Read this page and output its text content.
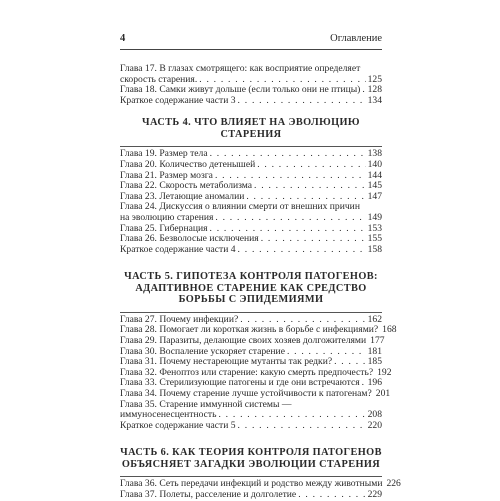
4	Оглавление
Глава 17. В глазах смотрящего: как восприятие определяет
скорость старения. . . .	125
Глава 18. Самки живут дольше (если только они не птицы) . . . 128
Краткое содержание части 3 . . .	134
ЧАСТЬ 4. ЧТО ВЛИЯЕТ НА ЭВОЛЮЦИЮ СТАРЕНИЯ
Глава 19. Размер тела . . .	138
Глава 20. Количество детенышей . . .	140
Глава 21. Размер мозга . . .	144
Глава 22. Скорость метаболизма . . .	145
Глава 23. Летающие аномалии . . .	147
Глава 24. Дискуссия о влиянии смерти от внешних причин
на эволюцию старения . . .	149
Глава 25. Гибернация . . .	153
Глава 26. Безволосые исключения . . .	155
Краткое содержание части 4 . . .	158
ЧАСТЬ 5. ГИПОТЕЗА КОНТРОЛЯ ПАТОГЕНОВ:
АДАПТИВНОЕ СТАРЕНИЕ КАК СРЕДСТВО
БОРЬБЫ С ЭПИДЕМИЯМИ
Глава 27. Почему инфекции? . . .	162
Глава 28. Помогает ли короткая жизнь в борьбе с инфекциями? 168
Глава 29. Паразиты, делающие своих хозяев долгожителями 177
Глава 30. Воспаление ускоряет старение . . .	181
Глава 31. Почему нестареющие мутанты так редки? . . .	185
Глава 32. Феноптоз или старение: какую смерть предпочесть? 192
Глава 33. Стерилизующие патогены и где они встречаются . . . 196
Глава 34. Почему старение лучше устойчивости к патогенам? 201
Глава 35. Старение иммунной системы —
иммуносенесцентность . . .	208
Краткое содержание части 5 . . .	220
ЧАСТЬ 6. КАК ТЕОРИЯ КОНТРОЛЯ ПАТОГЕНОВ
ОБЪЯСНЯЕТ ЗАГАДКИ ЭВОЛЮЦИИ СТАРЕНИЯ
Глава 36. Сеть передачи инфекций и родство между животными 226
Глава 37. Полеты, расселение и долголетие . . .	229
